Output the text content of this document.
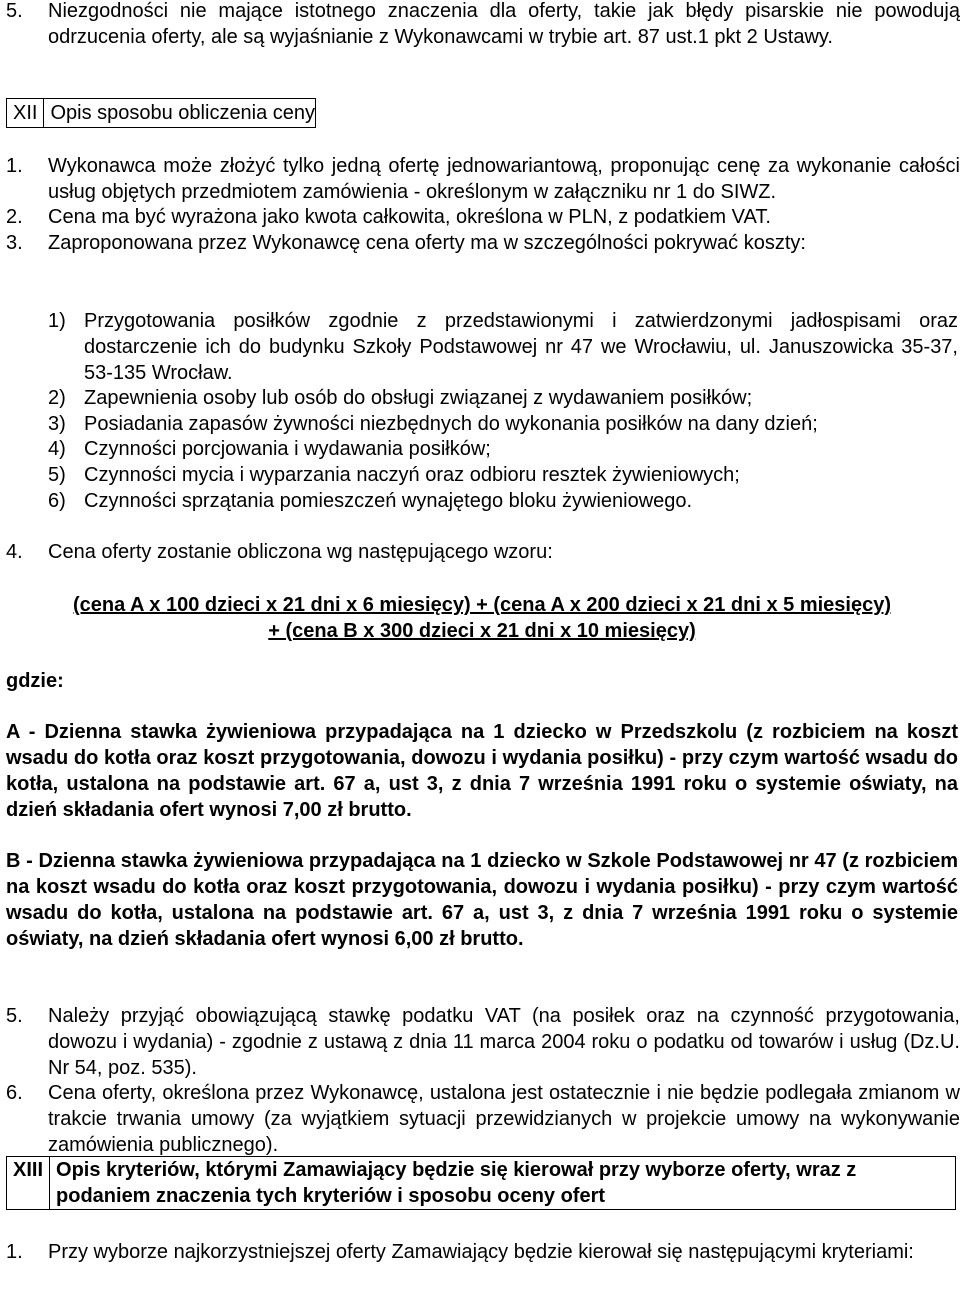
5. Niezgodności nie mające istotnego znaczenia dla oferty, takie jak błędy pisarskie nie powodują odrzucenia oferty, ale są wyjaśnianie z Wykonawcami w trybie art. 87 ust.1 pkt 2 Ustawy.
XII Opis sposobu obliczenia ceny
1. Wykonawca może złożyć tylko jedną ofertę jednowariantową, proponując cenę za wykonanie całości usług objętych przedmiotem zamówienia - określonym w załączniku nr 1 do SIWZ.
2. Cena ma być wyrażona jako kwota całkowita, określona w PLN, z podatkiem VAT.
3. Zaproponowana przez Wykonawcę cena oferty ma w szczególności pokrywać koszty:
1) Przygotowania posiłków zgodnie z przedstawionymi i zatwierdzonymi jadłospisami oraz dostarczenie ich do budynku Szkoły Podstawowej nr 47 we Wrocławiu, ul. Januszowicka 35-37, 53-135 Wrocław.
2) Zapewnienia osoby lub osób do obsługi związanej z wydawaniem posiłków;
3) Posiadania zapasów żywności niezbędnych do wykonania posiłków na dany dzień;
4) Czynności porcjowania i wydawania posiłków;
5) Czynności mycia i wyparzania naczyń oraz odbioru resztek żywieniowych;
6) Czynności sprzątania pomieszczeń wynajętego bloku żywieniowego.
4. Cena oferty zostanie obliczona wg następującego wzoru:
(cena A x 100 dzieci x 21 dni x 6 miesięcy) + (cena A x 200 dzieci x 21 dni x 5 miesięcy)
+ (cena B x 300 dzieci x 21 dni x 10 miesięcy)
gdzie:
A - Dzienna stawka żywieniowa przypadająca na 1 dziecko w Przedszkolu (z rozbiciem na koszt wsadu do kotła oraz koszt przygotowania, dowozu i wydania posiłku) - przy czym wartość wsadu do kotła, ustalona na podstawie art. 67 a, ust 3, z dnia 7 września 1991 roku o systemie oświaty, na dzień składania ofert wynosi 7,00 zł brutto.
B - Dzienna stawka żywieniowa przypadająca na 1 dziecko w Szkole Podstawowej nr 47 (z rozbiciem na koszt wsadu do kotła oraz koszt przygotowania, dowozu i wydania posiłku) - przy czym wartość wsadu do kotła, ustalona na podstawie art. 67 a, ust 3, z dnia 7 września 1991 roku o systemie oświaty, na dzień składania ofert wynosi 6,00 zł brutto.
5. Należy przyjąć obowiązującą stawkę podatku VAT (na posiłek oraz na czynność przygotowania, dowozu i wydania) - zgodnie z ustawą z dnia 11 marca 2004 roku o podatku od towarów i usług (Dz.U. Nr 54, poz. 535).
6. Cena oferty, określona przez Wykonawcę, ustalona jest ostatecznie i nie będzie podlegała zmianom w trakcie trwania umowy (za wyjątkiem sytuacji przewidzianych w projekcie umowy na wykonywanie zamówienia publicznego).
XIII Opis kryteriów, którymi Zamawiający będzie się kierował przy wyborze oferty, wraz z podaniem znaczenia tych kryteriów i sposobu oceny ofert
1. Przy wyborze najkorzystniejszej oferty Zamawiający będzie kierował się następującymi kryteriami:
